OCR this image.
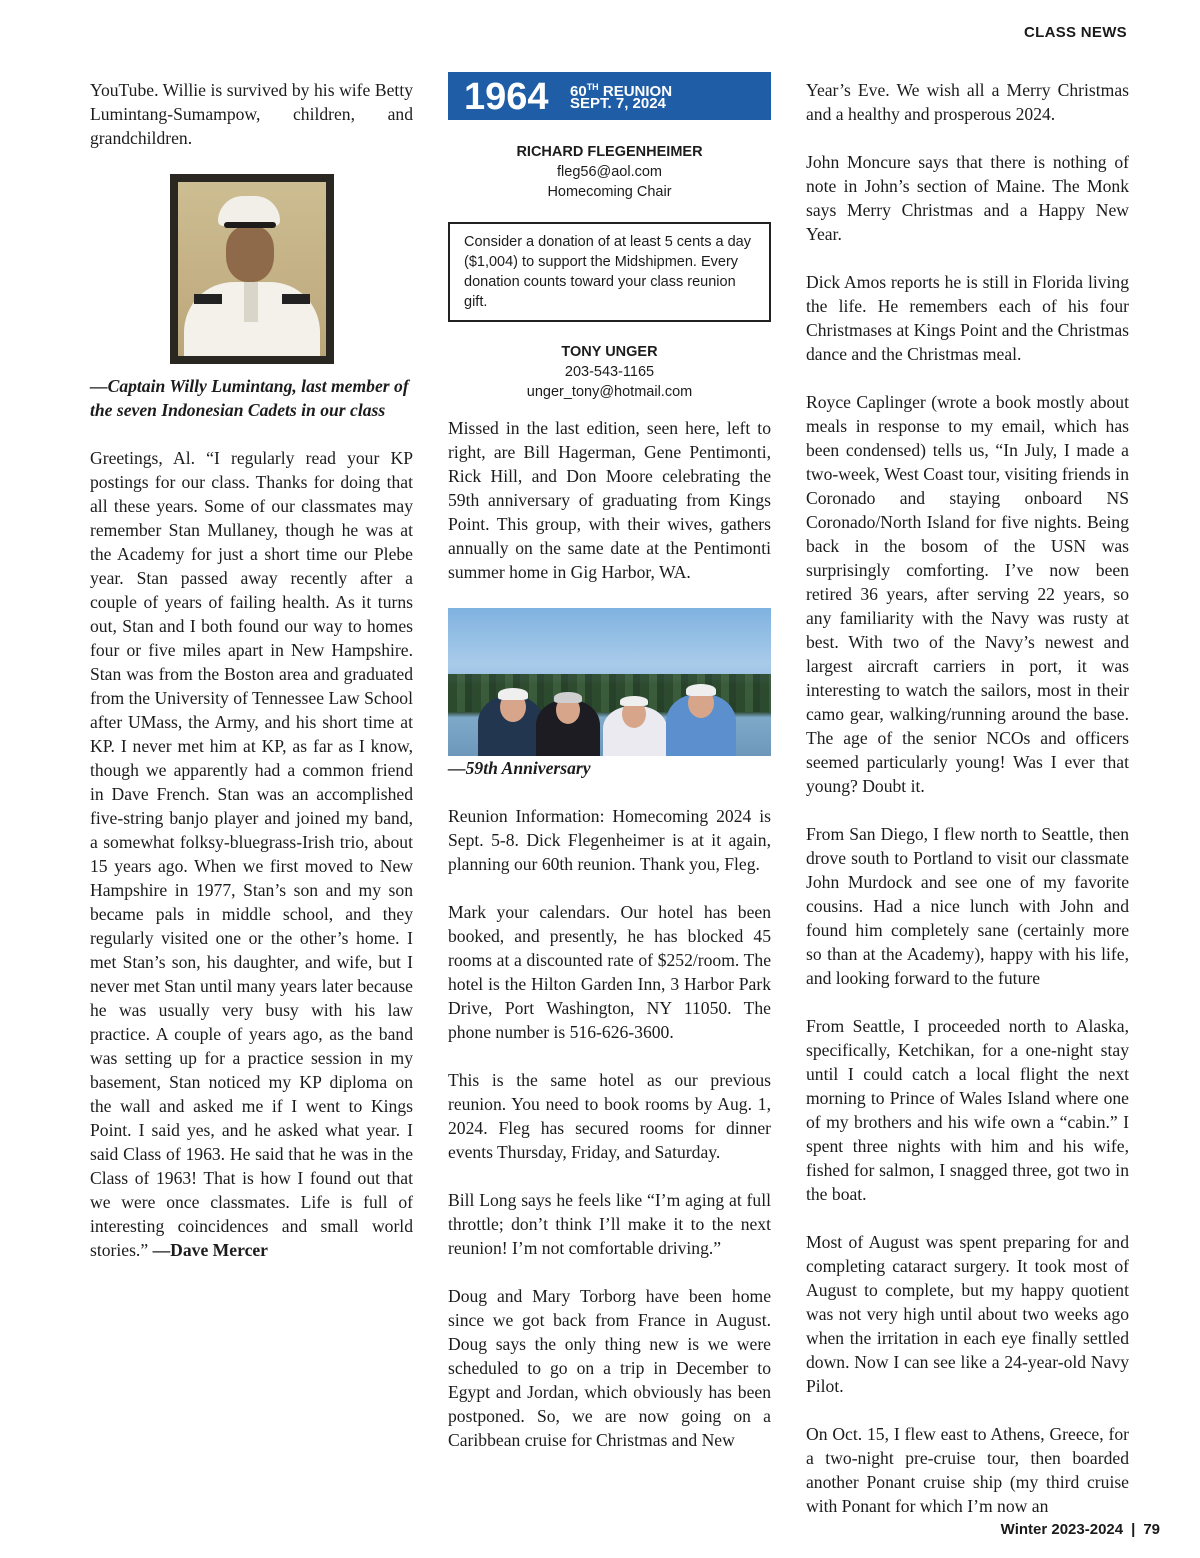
CLASS NEWS

YouTube. Willie is survived by his wife Betty Lumintang-Sumampow, children, and grandchildren.

—Captain Willy Lumintang, last member of the seven Indonesian Cadets in our class

Greetings, Al. “I regularly read your KP postings for our class. Thanks for doing that all these years. Some of our classmates may remember Stan Mullaney, though he was at the Academy for just a short time our Plebe year. Stan passed away recently after a couple of years of failing health. As it turns out, Stan and I both found our way to homes four or five miles apart in New Hampshire. Stan was from the Boston area and graduated from the University of Tennessee Law School after UMass, the Army, and his short time at KP. I never met him at KP, as far as I know, though we apparently had a common friend in Dave French. Stan was an accomplished five-string banjo player and joined my band, a somewhat folksy-bluegrass-Irish trio, about 15 years ago. When we first moved to New Hampshire in 1977, Stan’s son and my son became pals in middle school, and they regularly visited one or the other’s home. I met Stan’s son, his daughter, and wife, but I never met Stan until many years later because he was usually very busy with his law practice. A couple of years ago, as the band was setting up for a practice session in my basement, Stan noticed my KP diploma on the wall and asked me if I went to Kings Point. I said yes, and he asked what year. I said Class of 1963. He said that he was in the Class of 1963! That is how I found out that we were once classmates. Life is full of interesting coincidences and small world stories.” —Dave Mercer

1964 60TH REUNION
SEPT. 7, 2024
RICHARD FLEGENHEIMER
fleg56@aol.com
Homecoming Chair
Consider a donation of at least 5 cents a day ($1,004) to support the Midshipmen. Every donation counts toward your class reunion gift.
TONY UNGER
203-543-1165
unger_tony@hotmail.com

Missed in the last edition, seen here, left to right, are Bill Hagerman, Gene Pentimonti, Rick Hill, and Don Moore celebrating the 59th anniversary of graduating from Kings Point. This group, with their wives, gathers annually on the same date at the Pentimonti summer home in Gig Harbor, WA.

—59th Anniversary

Reunion Information: Homecoming 2024 is Sept. 5-8. Dick Flegenheimer is at it again, planning our 60th reunion. Thank you, Fleg.

Mark your calendars. Our hotel has been booked, and presently, he has blocked 45 rooms at a discounted rate of $252/room. The hotel is the Hilton Garden Inn, 3 Harbor Park Drive, Port Washington, NY 11050. The phone number is 516-626-3600.

This is the same hotel as our previous reunion. You need to book rooms by Aug. 1, 2024. Fleg has secured rooms for dinner events Thursday, Friday, and Saturday.

Bill Long says he feels like “I’m aging at full throttle; don’t think I’ll make it to the next reunion! I’m not comfortable driving.”

Doug and Mary Torborg have been home since we got back from France in August. Doug says the only thing new is we were scheduled to go on a trip in December to Egypt and Jordan, which obviously has been postponed. So, we are now going on a Caribbean cruise for Christmas and New

Year’s Eve. We wish all a Merry Christmas and a healthy and prosperous 2024.

John Moncure says that there is nothing of note in John’s section of Maine. The Monk says Merry Christmas and a Happy New Year.

Dick Amos reports he is still in Florida living the life. He remembers each of his four Christmases at Kings Point and the Christmas dance and the Christmas meal.

Royce Caplinger (wrote a book mostly about meals in response to my email, which has been condensed) tells us, “In July, I made a two-week, West Coast tour, visiting friends in Coronado and staying onboard NS Coronado/North Island for five nights. Being back in the bosom of the USN was surprisingly comforting. I’ve now been retired 36 years, after serving 22 years, so any familiarity with the Navy was rusty at best. With two of the Navy’s newest and largest aircraft carriers in port, it was interesting to watch the sailors, most in their camo gear, walking/running around the base. The age of the senior NCOs and officers seemed particularly young! Was I ever that young? Doubt it.

From San Diego, I flew north to Seattle, then drove south to Portland to visit our classmate John Murdock and see one of my favorite cousins. Had a nice lunch with John and found him completely sane (certainly more so than at the Academy), happy with his life, and looking forward to the future

From Seattle, I proceeded north to Alaska, specifically, Ketchikan, for a one-night stay until I could catch a local flight the next morning to Prince of Wales Island where one of my brothers and his wife own a “cabin.” I spent three nights with him and his wife, fished for salmon, I snagged three, got two in the boat.

Most of August was spent preparing for and completing cataract surgery. It took most of August to complete, but my happy quotient was not very high until about two weeks ago when the irritation in each eye finally settled down. Now I can see like a 24-year-old Navy Pilot.

On Oct. 15, I flew east to Athens, Greece, for a two-night pre-cruise tour, then boarded another Ponant cruise ship (my third cruise with Ponant for which I’m now an

Winter 2023-2024 | 79
